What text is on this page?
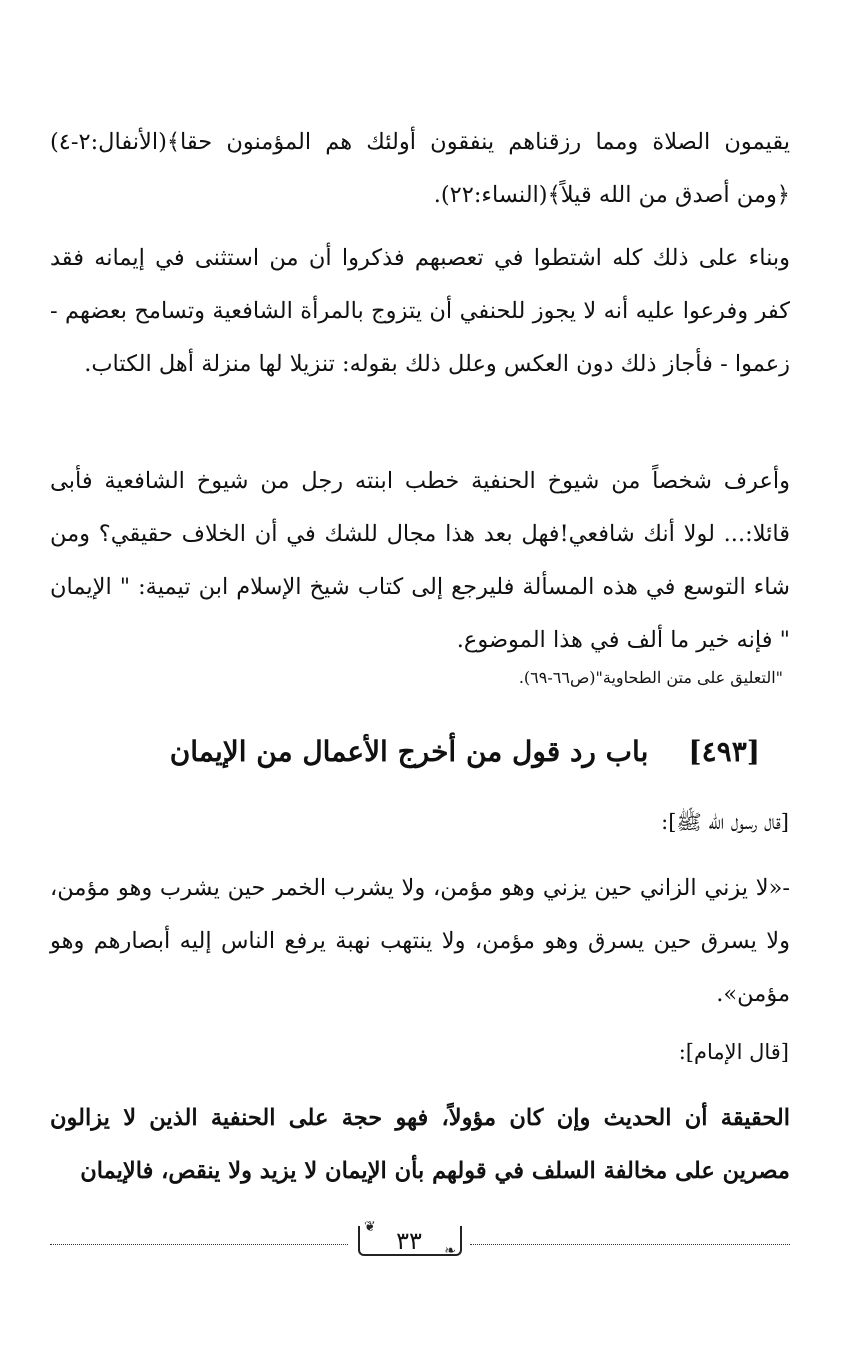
يقيمون الصلاة ومما رزقناهم ينفقون أولئك هم المؤمنون حقا﴾(الأنفال:٢-٤) ﴿ومن أصدق من الله قيلاً﴾(النساء:٢٢).

وبناء على ذلك كله اشتطوا في تعصبهم فذكروا أن من استثنى في إيمانه فقد كفر وفرعوا عليه أنه لا يجوز للحنفي أن يتزوج بالمرأة الشافعية وتسامح بعضهم - زعموا - فأجاز ذلك دون العكس وعلل ذلك بقوله: تنزيلا لها منزلة أهل الكتاب.

وأعرف شخصاً من شيوخ الحنفية خطب ابنته رجل من شيوخ الشافعية فأبى قائلا:... لولا أنك شافعي!فهل بعد هذا مجال للشك في أن الخلاف حقيقي؟ ومن شاء التوسع في هذه المسألة فليرجع إلى كتاب شيخ الإسلام ابن تيمية: " الإيمان " فإنه خير ما ألف في هذا الموضوع.

"التعليق على متن الطحاوية"(ص٦٦-٦٩).

[٤٩٣]باب رد قول من أخرج الأعمال من الإيمان

[قال رسول الله ﷺ]:

-«لا يزني الزاني حين يزني وهو مؤمن، ولا يشرب الخمر حين يشرب وهو مؤمن، ولا يسرق حين يسرق وهو مؤمن، ولا ينتهب نهبة يرفع الناس إليه أبصارهم وهو مؤمن».

[قال الإمام]:

الحقيقة أن الحديث وإن كان مؤولاً، فهو حجة على الحنفية الذين لا يزالون مصرين على مخالفة السلف في قولهم بأن الإيمان لا يزيد ولا ينقص، فالإيمان

❦
❧
٣٣
